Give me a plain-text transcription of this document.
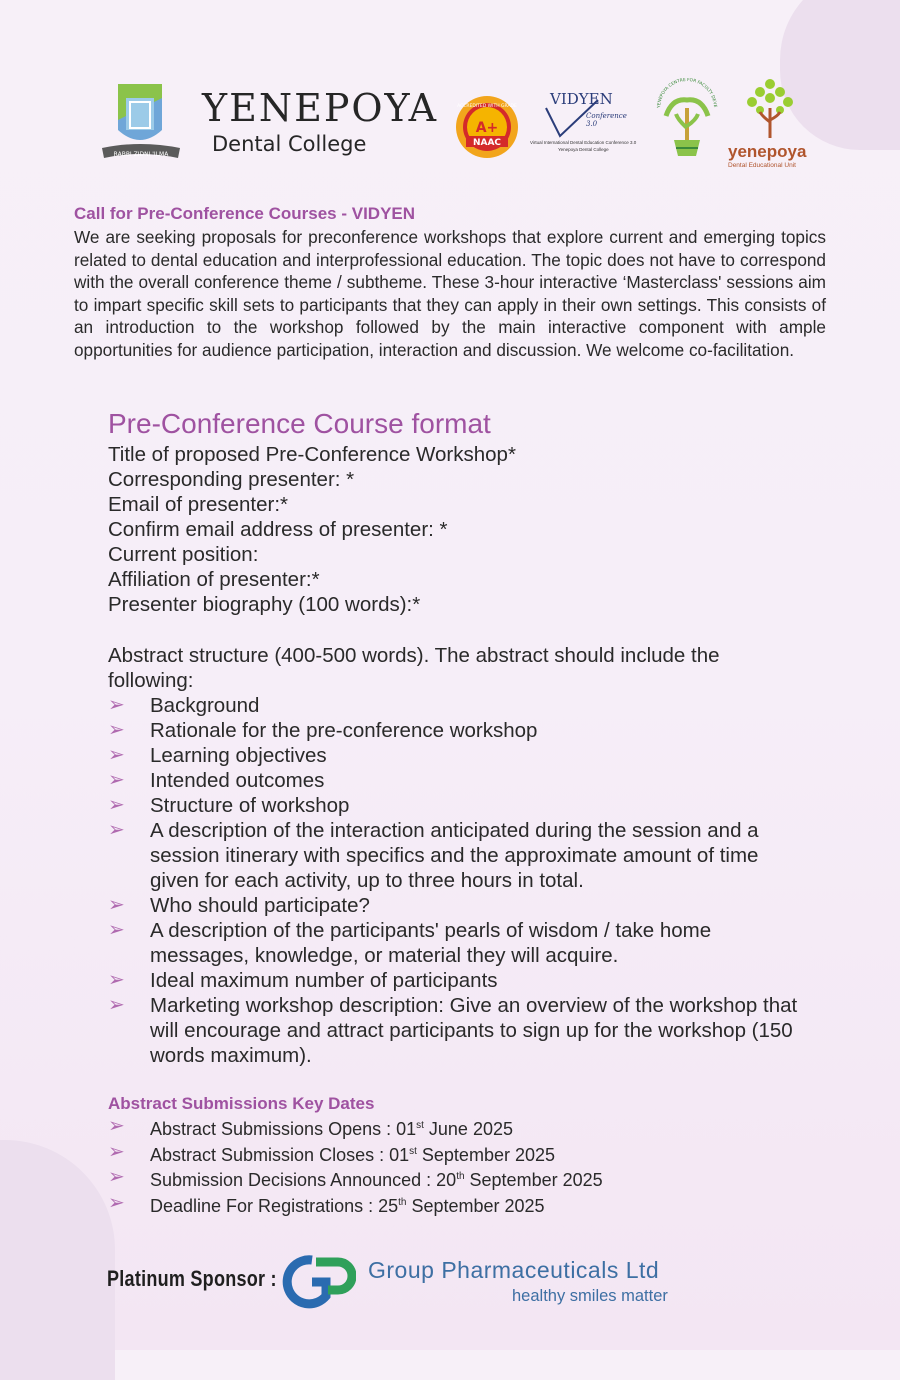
RABBI ZIDNI 'ILMA
YENEPOYA
Dental College
ACCREDITED WITH GRADE
A+
NAAC
VIDYEN
Conference 3.0
Virtual International Dental Education Conference 3.0
Yenepoya Dental College
YENEPOYA CENTRE FOR FACULTY DEVE
yenepoya
Dental Educational Unit
Call for Pre-Conference Courses - VIDYEN
We are seeking proposals for preconference workshops that explore current and emerging topics related to dental education and interprofessional education. The topic does not have to correspond with the overall conference theme / subtheme. These 3-hour interactive ‘Masterclass' sessions aim to impart specific skill sets to participants that they can apply in their own settings. This consists of an introduction to the workshop followed by the main interactive component with ample opportunities for audience participation, interaction and discussion. We welcome co-facilitation.
Pre-Conference Course format
Title of proposed Pre-Conference Workshop*
Corresponding presenter: *
Email of presenter:*
Confirm email address of presenter: *
Current position:
Affiliation of presenter:*
Presenter biography (100 words):*
Abstract structure (400-500 words). The abstract should include the following:
➢ Background
➢ Rationale for the pre-conference workshop
➢ Learning objectives
➢ Intended outcomes
➢ Structure of workshop
➢ A description of the interaction anticipated during the session and a session itinerary with specifics and the approximate amount of time given for each activity, up to three hours in total.
➢ Who should participate?
➢ A description of the participants' pearls of wisdom / take home messages, knowledge, or material they will acquire.
➢ Ideal maximum number of participants
➢ Marketing workshop description: Give an overview of the workshop that will encourage and attract participants to sign up for the workshop (150 words maximum).
Abstract Submissions Key Dates
➢ Abstract Submissions Opens : 01st June 2025
➢ Abstract Submission Closes : 01st September 2025
➢ Submission Decisions Announced : 20th September 2025
➢ Deadline For Registrations : 25th September 2025
Platinum Sponsor :	Group Pharmaceuticals Ltd
healthy smiles matter
